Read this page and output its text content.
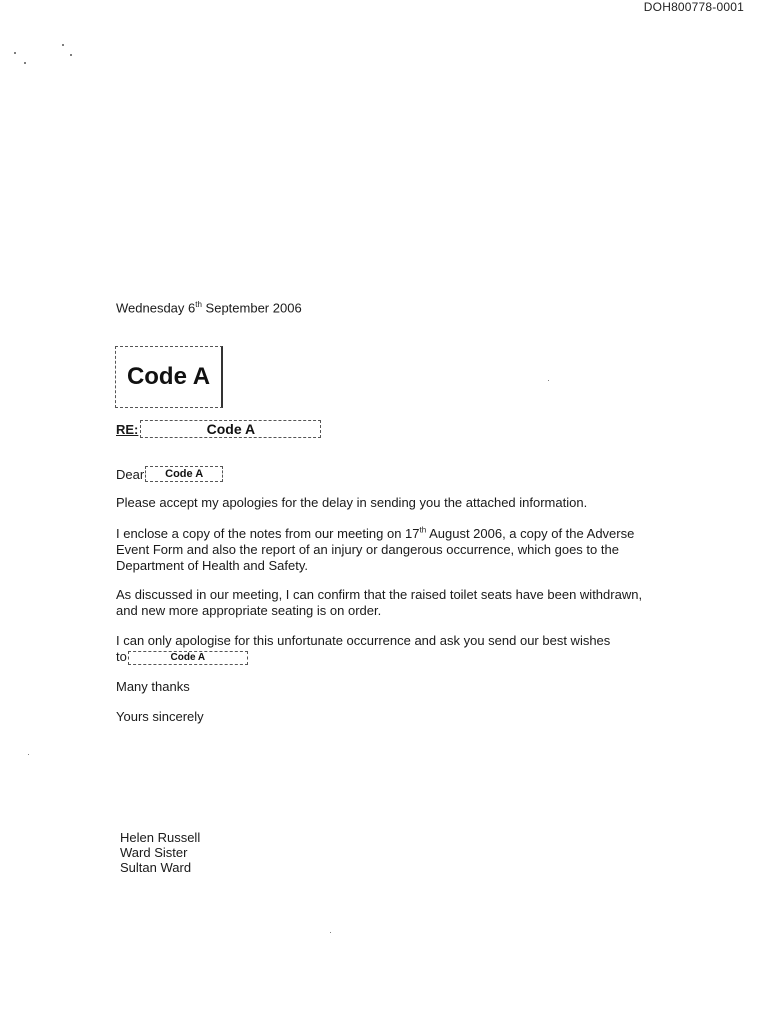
DOH800778-0001
Wednesday 6th September 2006
Code A
RE:	Code A
Dear	Code A

Please accept my apologies for the delay in sending you the attached information.

I enclose a copy of the notes from our meeting on 17th August 2006, a copy of the Adverse Event Form and also the report of an injury or dangerous occurrence, which goes to the Department of Health and Safety.

As discussed in our meeting, I can confirm that the raised toilet seats have been withdrawn, and new more appropriate seating is on order.

I can only apologise for this unfortunate occurrence and ask you send our best wishes to	Code A

Many thanks

Yours sincerely

Helen Russell
Ward Sister
Sultan Ward
